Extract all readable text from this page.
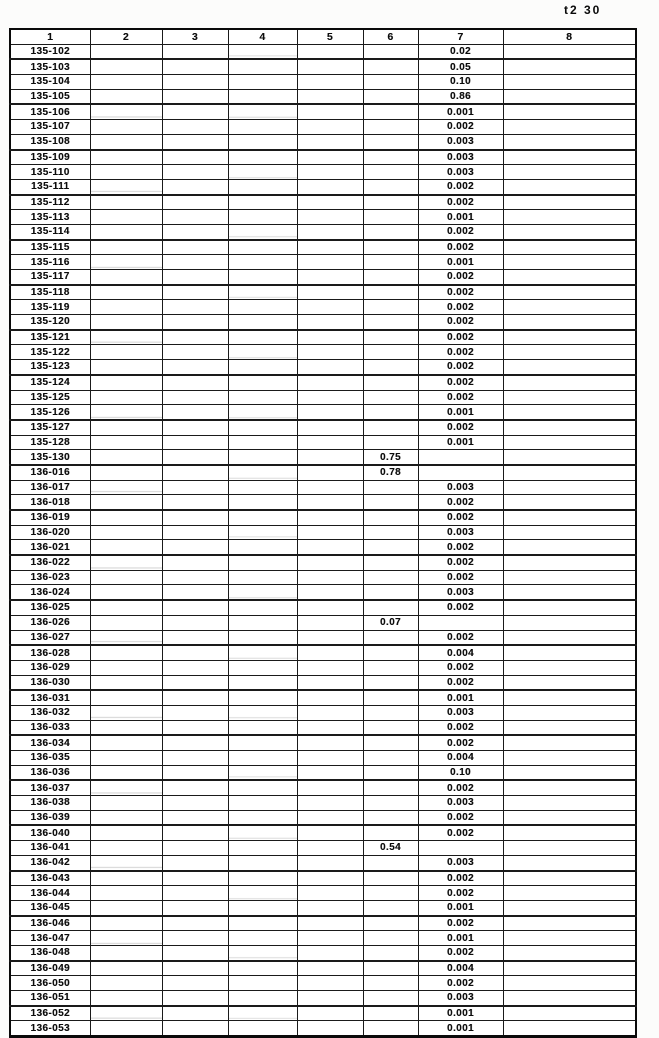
t2 30
1	2	3	4	5	6	7	8
135-102						0.02	
135-103						0.05	
135-104						0.10	
135-105						0.86	
135-106						0.001	
135-107						0.002	
135-108						0.003	
135-109						0.003	
135-110						0.003	
135-111						0.002	
135-112						0.002	
135-113						0.001	
135-114						0.002	
135-115						0.002	
135-116						0.001	
135-117						0.002	
135-118						0.002	
135-119						0.002	
135-120						0.002	
135-121						0.002	
135-122						0.002	
135-123						0.002	
135-124						0.002	
135-125						0.002	
135-126						0.001	
135-127						0.002	
135-128						0.001	
135-130					0.75		
136-016					0.78		
136-017						0.003	
136-018						0.002	
136-019						0.002	
136-020						0.003	
136-021						0.002	
136-022						0.002	
136-023						0.002	
136-024						0.003	
136-025						0.002	
136-026					0.07		
136-027						0.002	
136-028						0.004	
136-029						0.002	
136-030						0.002	
136-031						0.001	
136-032						0.003	
136-033						0.002	
136-034						0.002	
136-035						0.004	
136-036						0.10	
136-037						0.002	
136-038						0.003	
136-039						0.002	
136-040						0.002	
136-041					0.54		
136-042						0.003	
136-043						0.002	
136-044						0.002	
136-045						0.001	
136-046						0.002	
136-047						0.001	
136-048						0.002	
136-049						0.004	
136-050						0.002	
136-051						0.003	
136-052						0.001	
136-053						0.001	
